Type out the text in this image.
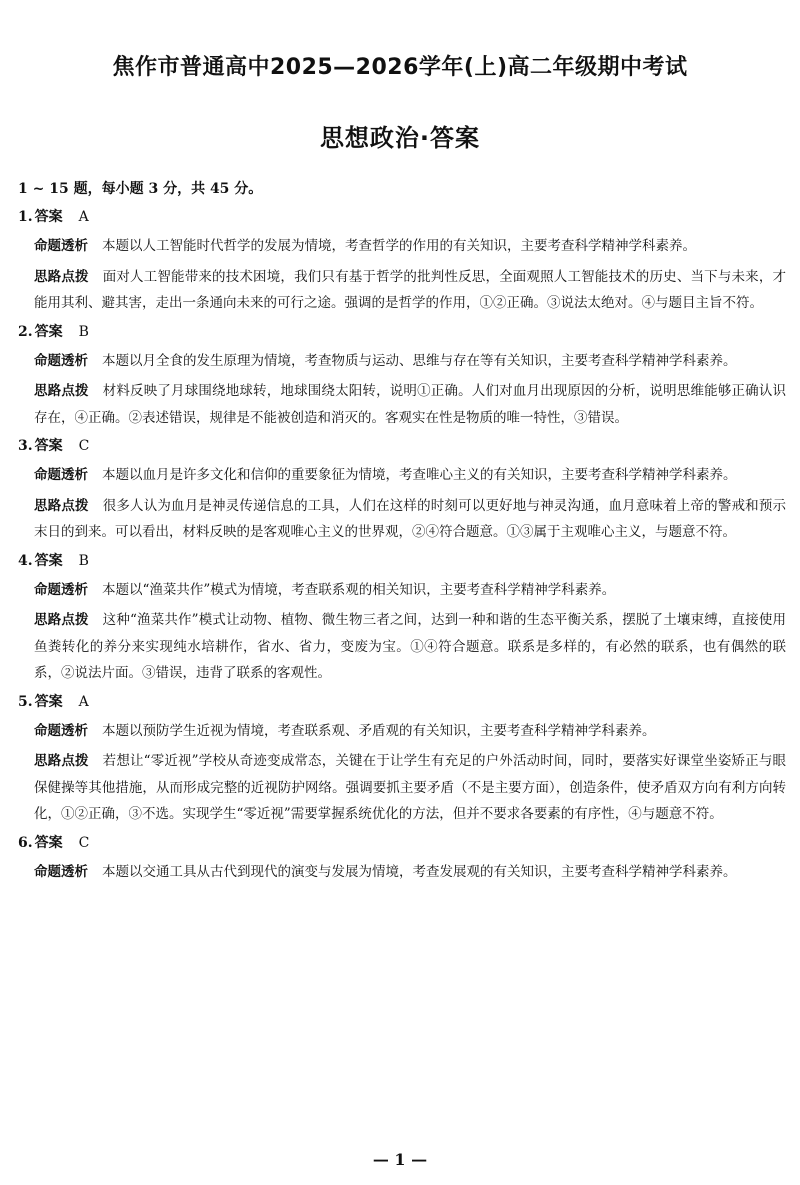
焦作市普通高中2025—2026学年(上)高二年级期中考试
思想政治·答案

1 ~ 15 题，每小题 3 分，共 45 分。

1. 答案 A

命题透析 本题以人工智能时代哲学的发展为情境，考查哲学的作用的有关知识，主要考查科学精神学科素养。

思路点拨 面对人工智能带来的技术困境，我们只有基于哲学的批判性反思，全面观照人工智能技术的历史、当下与未来，才能用其利、避其害，走出一条通向未来的可行之途。强调的是哲学的作用，①②正确。③说法太绝对。④与题目主旨不符。

2. 答案 B

命题透析 本题以月全食的发生原理为情境，考查物质与运动、思维与存在等有关知识，主要考查科学精神学科素养。

思路点拨 材料反映了月球围绕地球转，地球围绕太阳转，说明①正确。人们对血月出现原因的分析，说明思维能够正确认识存在，④正确。②表述错误，规律是不能被创造和消灭的。客观实在性是物质的唯一特性，③错误。

3. 答案 C

命题透析 本题以血月是许多文化和信仰的重要象征为情境，考查唯心主义的有关知识，主要考查科学精神学科素养。

思路点拨 很多人认为血月是神灵传递信息的工具，人们在这样的时刻可以更好地与神灵沟通，血月意味着上帝的警戒和预示末日的到来。可以看出，材料反映的是客观唯心主义的世界观，②④符合题意。①③属于主观唯心主义，与题意不符。

4. 答案 B

命题透析 本题以“渔菜共作”模式为情境，考查联系观的相关知识，主要考查科学精神学科素养。

思路点拨 这种“渔菜共作”模式让动物、植物、微生物三者之间，达到一种和谐的生态平衡关系，摆脱了土壤束缚，直接使用鱼粪转化的养分来实现纯水培耕作，省水、省力，变废为宝。①④符合题意。联系是多样的，有必然的联系，也有偶然的联系，②说法片面。③错误，违背了联系的客观性。

5. 答案 A

命题透析 本题以预防学生近视为情境，考查联系观、矛盾观的有关知识，主要考查科学精神学科素养。

思路点拨 若想让“零近视”学校从奇迹变成常态，关键在于让学生有充足的户外活动时间，同时，要落实好课堂坐姿矫正与眼保健操等其他措施，从而形成完整的近视防护网络。强调要抓主要矛盾（不是主要方面），创造条件，使矛盾双方向有利方向转化，①②正确，③不选。实现学生“零近视”需要掌握系统优化的方法，但并不要求各要素的有序性，④与题意不符。

6. 答案 C

命题透析 本题以交通工具从古代到现代的演变与发展为情境，考查发展观的有关知识，主要考查科学精神学科素养。

— 1 —
